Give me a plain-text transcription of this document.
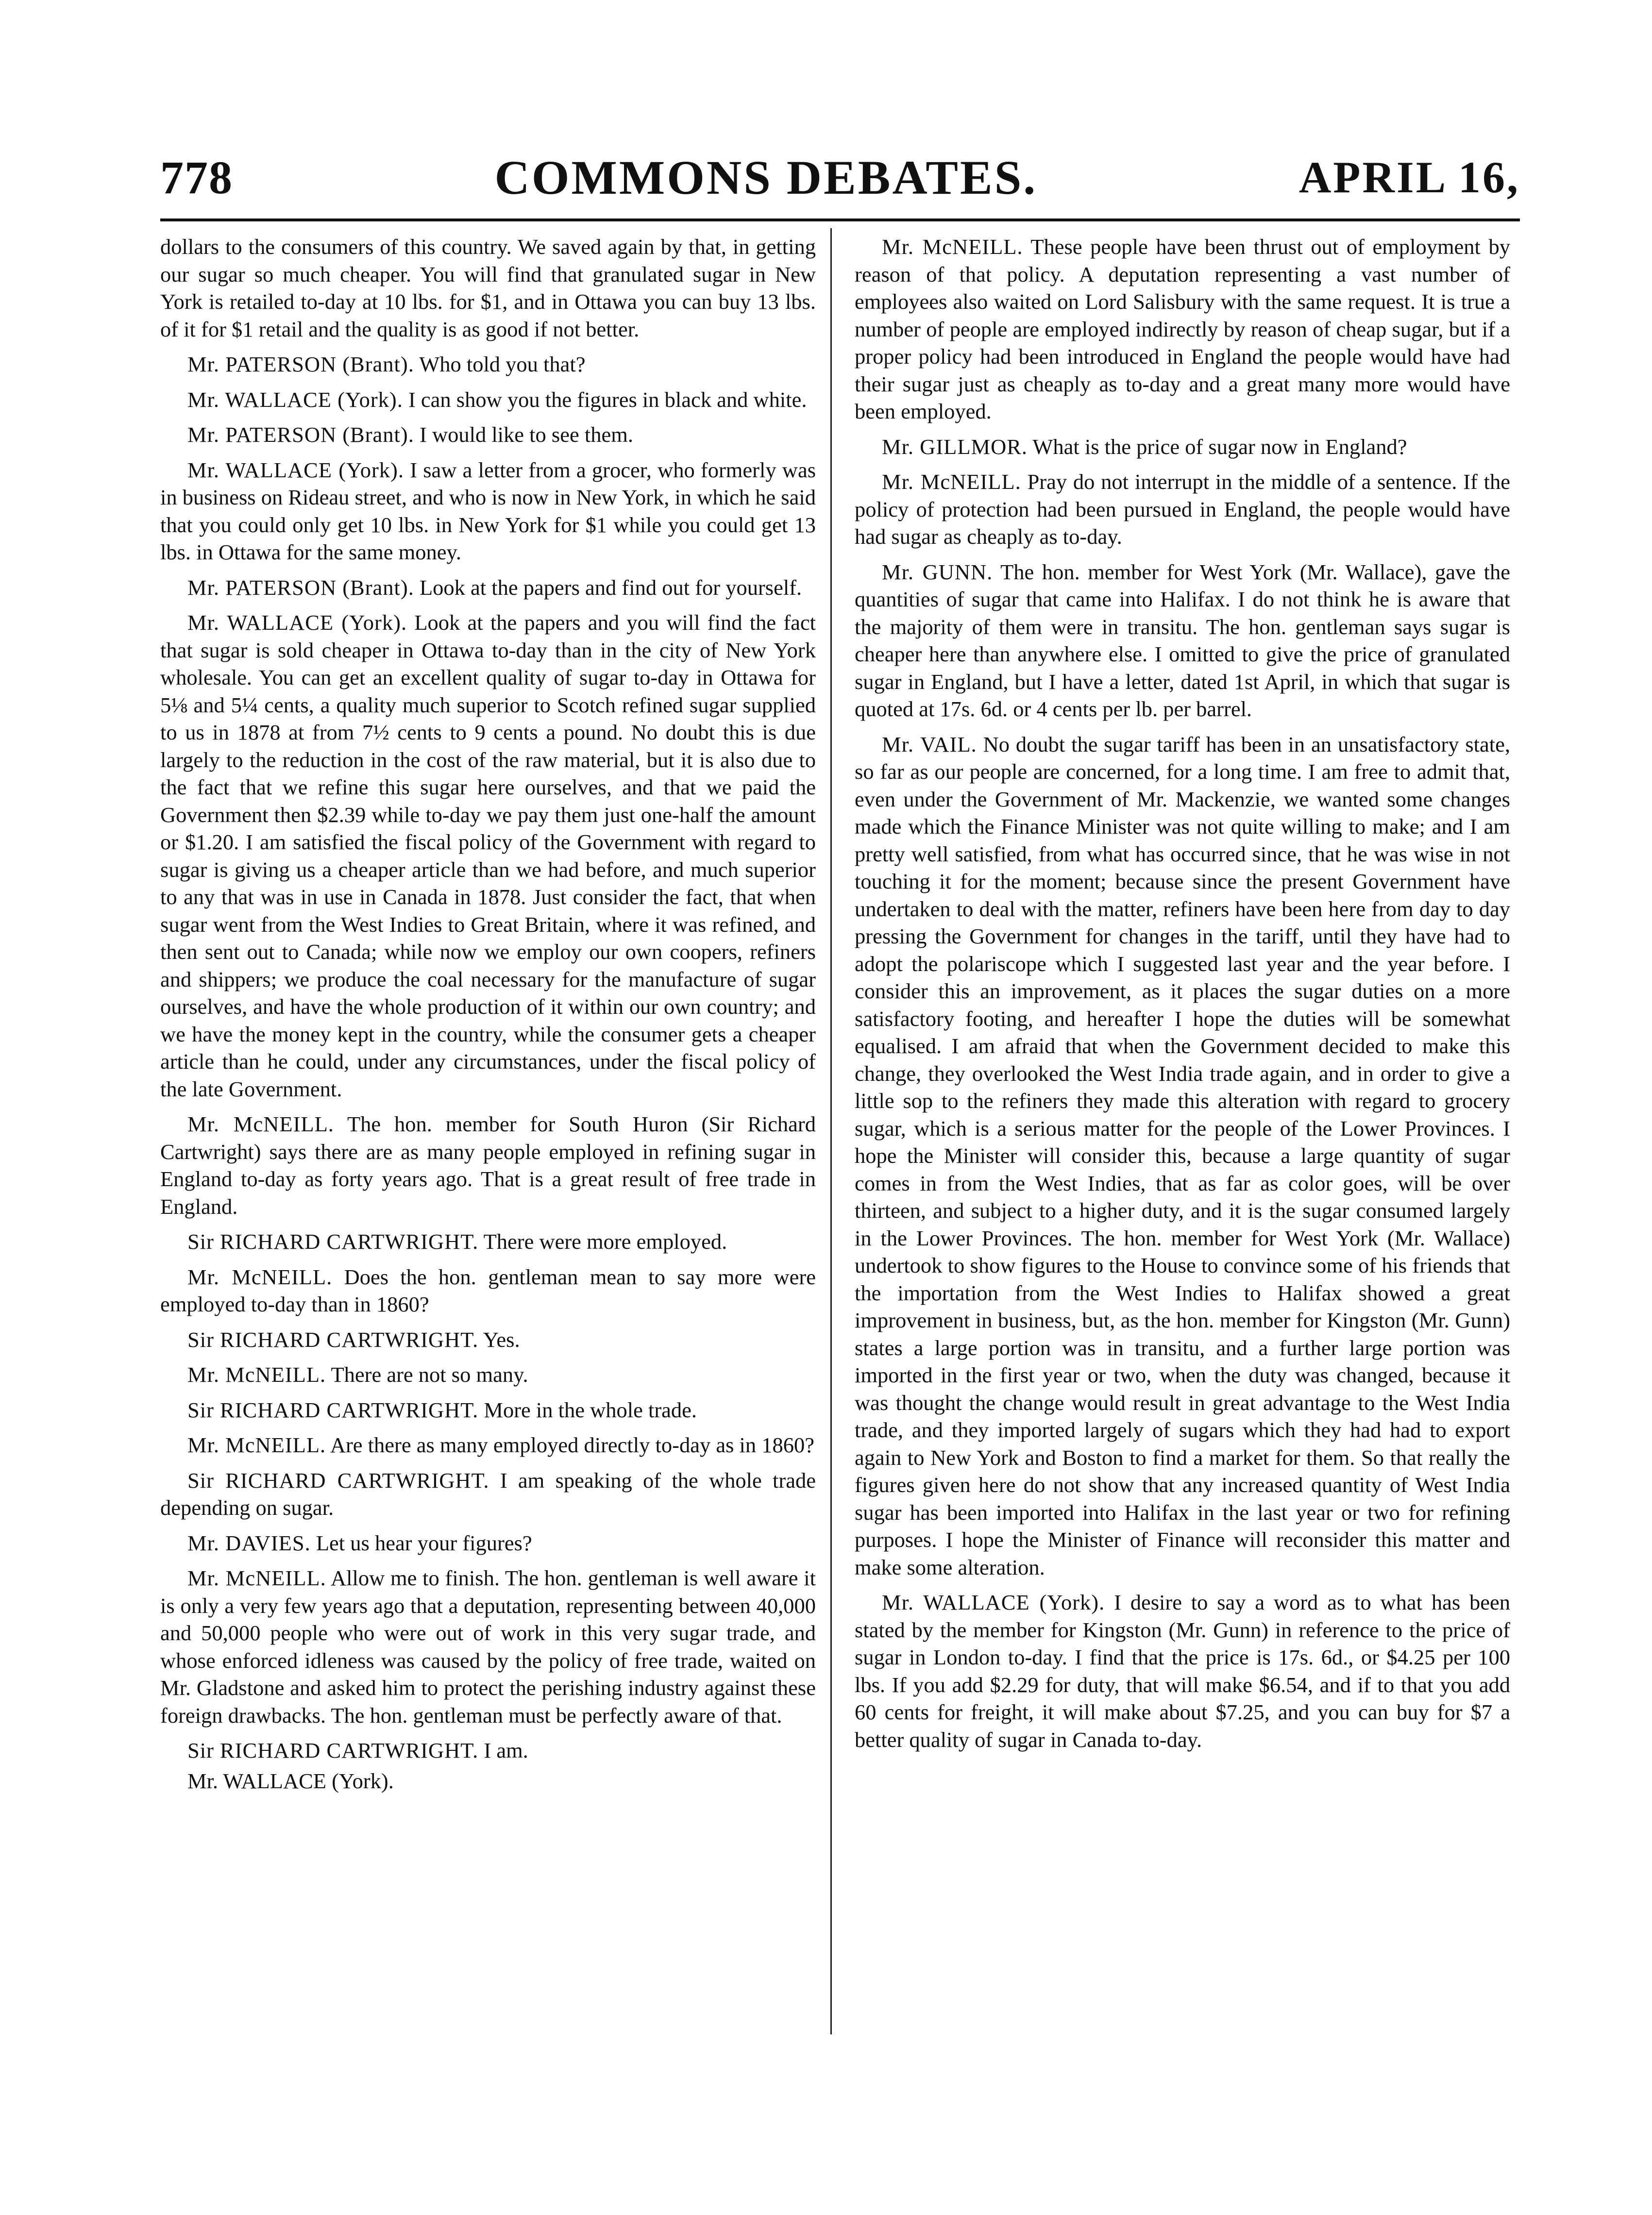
778	COMMONS DEBATES.	APRIL 16,

dollars to the consumers of this country. We saved again by that, in getting our sugar so much cheaper. You will find that granulated sugar in New York is retailed to-day at 10 lbs. for $1, and in Ottawa you can buy 13 lbs. of it for $1 retail and the quality is as good if not better.

Mr. PATERSON (Brant). Who told you that?

Mr. WALLACE (York). I can show you the figures in black and white.

Mr. PATERSON (Brant). I would like to see them.

Mr. WALLACE (York). I saw a letter from a grocer, who formerly was in business on Rideau street, and who is now in New York, in which he said that you could only get 10 lbs. in New York for $1 while you could get 13 lbs. in Ottawa for the same money.

Mr. PATERSON (Brant). Look at the papers and find out for yourself.

Mr. WALLACE (York). Look at the papers and you will find the fact that sugar is sold cheaper in Ottawa to-day than in the city of New York wholesale. You can get an excellent quality of sugar to-day in Ottawa for 5⅛ and 5¼ cents, a quality much superior to Scotch refined sugar supplied to us in 1878 at from 7½ cents to 9 cents a pound. No doubt this is due largely to the reduction in the cost of the raw material, but it is also due to the fact that we refine this sugar here ourselves, and that we paid the Government then $2.39 while to-day we pay them just one-half the amount or $1.20. I am satisfied the fiscal policy of the Government with regard to sugar is giving us a cheaper article than we had before, and much superior to any that was in use in Canada in 1878. Just consider the fact, that when sugar went from the West Indies to Great Britain, where it was refined, and then sent out to Canada; while now we employ our own coopers, refiners and shippers; we produce the coal necessary for the manufacture of sugar ourselves, and have the whole production of it within our own country; and we have the money kept in the country, while the consumer gets a cheaper article than he could, under any circumstances, under the fiscal policy of the late Government.

Mr. McNEILL. The hon. member for South Huron (Sir Richard Cartwright) says there are as many people employed in refining sugar in England to-day as forty years ago. That is a great result of free trade in England.

Sir RICHARD CARTWRIGHT. There were more employed.

Mr. McNEILL. Does the hon. gentleman mean to say more were employed to-day than in 1860?

Sir RICHARD CARTWRIGHT. Yes.

Mr. McNEILL. There are not so many.

Sir RICHARD CARTWRIGHT. More in the whole trade.

Mr. McNEILL. Are there as many employed directly to-day as in 1860?

Sir RICHARD CARTWRIGHT. I am speaking of the whole trade depending on sugar.

Mr. DAVIES. Let us hear your figures?

Mr. McNEILL. Allow me to finish. The hon. gentleman is well aware it is only a very few years ago that a deputation, representing between 40,000 and 50,000 people who were out of work in this very sugar trade, and whose enforced idleness was caused by the policy of free trade, waited on Mr. Gladstone and asked him to protect the perishing industry against these foreign drawbacks. The hon. gentleman must be perfectly aware of that.

Sir RICHARD CARTWRIGHT. I am.

Mr. WALLACE (York).

Mr. McNEILL. These people have been thrust out of employment by reason of that policy. A deputation representing a vast number of employees also waited on Lord Salisbury with the same request. It is true a number of people are employed indirectly by reason of cheap sugar, but if a proper policy had been introduced in England the people would have had their sugar just as cheaply as to-day and a great many more would have been employed.

Mr. GILLMOR. What is the price of sugar now in England?

Mr. McNEILL. Pray do not interrupt in the middle of a sentence. If the policy of protection had been pursued in England, the people would have had sugar as cheaply as to-day.

Mr. GUNN. The hon. member for West York (Mr. Wallace), gave the quantities of sugar that came into Halifax. I do not think he is aware that the majority of them were in transitu. The hon. gentleman says sugar is cheaper here than anywhere else. I omitted to give the price of granulated sugar in England, but I have a letter, dated 1st April, in which that sugar is quoted at 17s. 6d. or 4 cents per lb. per barrel.

Mr. VAIL. No doubt the sugar tariff has been in an unsatisfactory state, so far as our people are concerned, for a long time. I am free to admit that, even under the Government of Mr. Mackenzie, we wanted some changes made which the Finance Minister was not quite willing to make; and I am pretty well satisfied, from what has occurred since, that he was wise in not touching it for the moment; because since the present Government have undertaken to deal with the matter, refiners have been here from day to day pressing the Government for changes in the tariff, until they have had to adopt the polariscope which I suggested last year and the year before. I consider this an improvement, as it places the sugar duties on a more satisfactory footing, and hereafter I hope the duties will be somewhat equalised. I am afraid that when the Government decided to make this change, they overlooked the West India trade again, and in order to give a little sop to the refiners they made this alteration with regard to grocery sugar, which is a serious matter for the people of the Lower Provinces. I hope the Minister will consider this, because a large quantity of sugar comes in from the West Indies, that as far as color goes, will be over thirteen, and subject to a higher duty, and it is the sugar consumed largely in the Lower Provinces. The hon. member for West York (Mr. Wallace) undertook to show figures to the House to convince some of his friends that the importation from the West Indies to Halifax showed a great improvement in business, but, as the hon. member for Kingston (Mr. Gunn) states a large portion was in transitu, and a further large portion was imported in the first year or two, when the duty was changed, because it was thought the change would result in great advantage to the West India trade, and they imported largely of sugars which they had had to export again to New York and Boston to find a market for them. So that really the figures given here do not show that any increased quantity of West India sugar has been imported into Halifax in the last year or two for refining purposes. I hope the Minister of Finance will reconsider this matter and make some alteration.

Mr. WALLACE (York). I desire to say a word as to what has been stated by the member for Kingston (Mr. Gunn) in reference to the price of sugar in London to-day. I find that the price is 17s. 6d., or $4.25 per 100 lbs. If you add $2.29 for duty, that will make $6.54, and if to that you add 60 cents for freight, it will make about $7.25, and you can buy for $7 a better quality of sugar in Canada to-day.
